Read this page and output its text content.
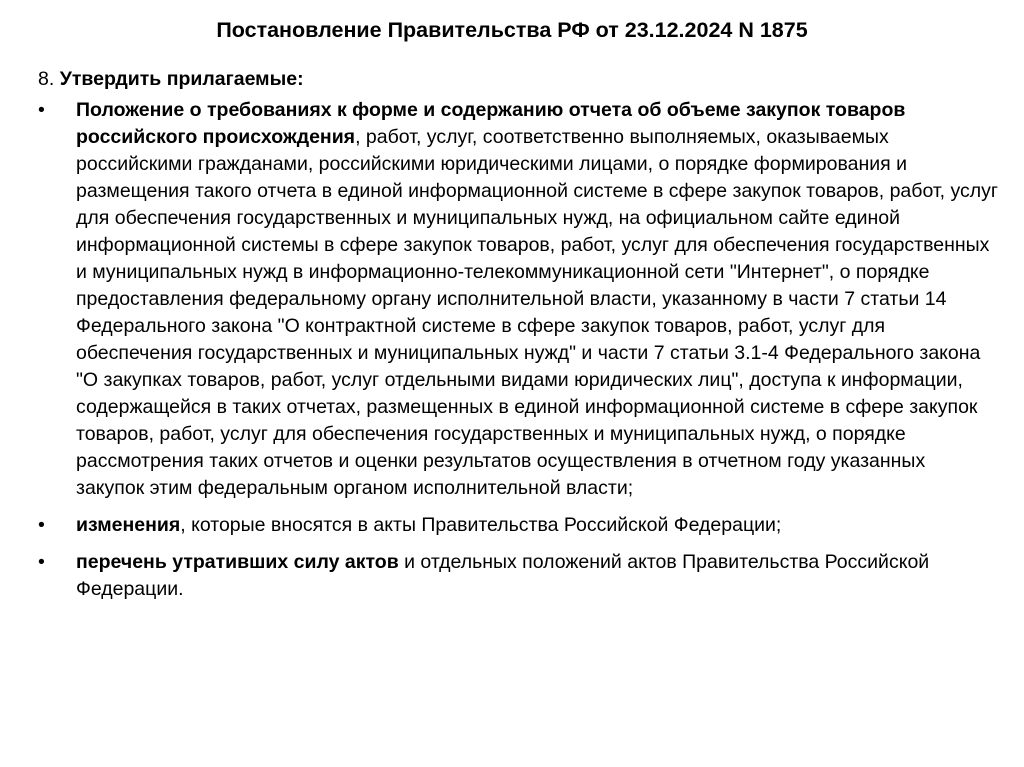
Постановление Правительства РФ от 23.12.2024 N 1875

8. Утвердить прилагаемые:

•	Положение о требованиях к форме и содержанию отчета об объеме закупок товаров российского происхождения, работ, услуг, соответственно выполняемых, оказываемых российскими гражданами, российскими юридическими лицами, о порядке формирования и размещения такого отчета в единой информационной системе в сфере закупок товаров, работ, услуг для обеспечения государственных и муниципальных нужд, на официальном сайте единой информационной системы в сфере закупок товаров, работ, услуг для обеспечения государственных и муниципальных нужд в информационно-телекоммуникационной сети "Интернет", о порядке предоставления федеральному органу исполнительной власти, указанному в части 7 статьи 14 Федерального закона "О контрактной системе в сфере закупок товаров, работ, услуг для обеспечения государственных и муниципальных нужд" и части 7 статьи 3.1-4 Федерального закона "О закупках товаров, работ, услуг отдельными видами юридических лиц", доступа к информации, содержащейся в таких отчетах, размещенных в единой информационной системе в сфере закупок товаров, работ, услуг для обеспечения государственных и муниципальных нужд, о порядке рассмотрения таких отчетов и оценки результатов осуществления в отчетном году указанных закупок этим федеральным органом исполнительной власти;
•	изменения, которые вносятся в акты Правительства Российской Федерации;
•	перечень утративших силу актов и отдельных положений актов Правительства Российской Федерации.
